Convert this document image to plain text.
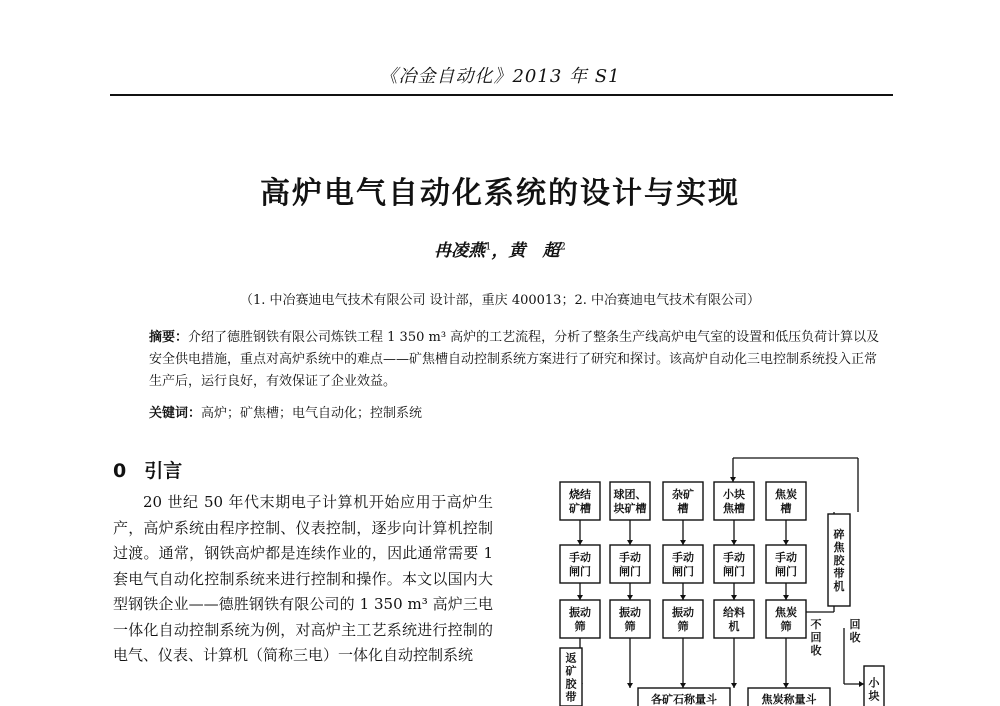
《冶金自动化》2013 年 S1
高炉电气自动化系统的设计与实现
冉凌燕$^1$，黄　超$^2$
（1. 中冶赛迪电气技术有限公司 设计部，重庆 400013；2. 中冶赛迪电气技术有限公司）
摘要：介绍了德胜钢铁有限公司炼铁工程 1 350 m³ 高炉的工艺流程，分析了整条生产线高炉电气室的设置和低压负荷计算以及安全供电措施，重点对高炉系统中的难点——矿焦槽自动控制系统方案进行了研究和探讨。该高炉自动化三电控制系统投入正常生产后，运行良好，有效保证了企业效益。
关键词：高炉；矿焦槽；电气自动化；控制系统
0 引言
20 世纪 50 年代末期电子计算机开始应用于高炉生产，高炉系统由程序控制、仪表控制，逐步向计算机控制过渡。通常，钢铁高炉都是连续作业的，因此通常需要 1 套电气自动化控制系统来进行控制和操作。本文以国内大型钢铁企业——德胜钢铁有限公司的 1 350 m³ 高炉三电一体化自动控制系统为例，对高炉主工艺系统进行控制的电气、仪表、计算机（简称三电）一体化自动控制系统
烧结
矿槽
球团、
块矿槽
杂矿
槽
小块
焦槽
焦炭
槽
手动
闸门
手动
闸门
手动
闸门
手动
闸门
手动
闸门
振动
筛
振动
筛
振动
筛
给料
机
焦炭
筛
碎
焦
胶
带
机
返
矿
胶
带	各矿石称量斗	焦炭称量斗
小
块
不
回
收
回
收
